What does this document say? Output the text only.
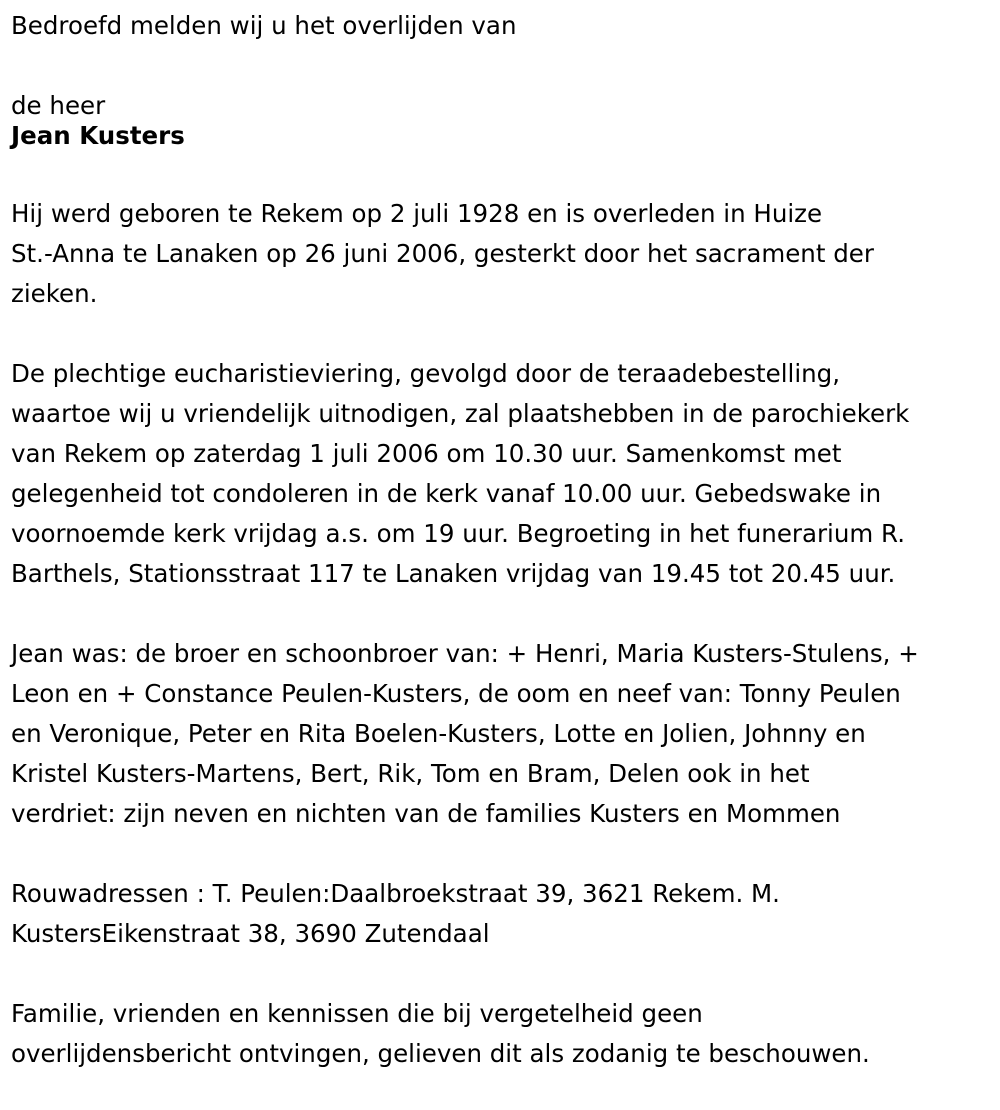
Bedroefd melden wij u het overlijden van
de heer
Jean Kusters
Hij werd geboren te Rekem op 2 juli 1928 en is overleden in Huize
St.-Anna te Lanaken op 26 juni 2006, gesterkt door het sacrament der
zieken.
De plechtige eucharistieviering, gevolgd door de teraadebestelling,
waartoe wij u vriendelijk uitnodigen, zal plaatshebben in de parochiekerk
van Rekem op zaterdag 1 juli 2006 om 10.30 uur. Samenkomst met
gelegenheid tot condoleren in de kerk vanaf 10.00 uur. Gebedswake in
voornoemde kerk vrijdag a.s. om 19 uur. Begroeting in het funerarium R.
Barthels, Stationsstraat 117 te Lanaken vrijdag van 19.45 tot 20.45 uur.
Jean was: de broer en schoonbroer van: + Henri, Maria Kusters-Stulens, +
Leon en + Constance Peulen-Kusters, de oom en neef van: Tonny Peulen
en Veronique, Peter en Rita Boelen-Kusters, Lotte en Jolien, Johnny en
Kristel Kusters-Martens, Bert, Rik, Tom en Bram, Delen ook in het
verdriet: zijn neven en nichten van de families Kusters en Mommen
Rouwadressen : T. Peulen:Daalbroekstraat 39, 3621 Rekem. M.
KustersEikenstraat 38, 3690 Zutendaal
Familie, vrienden en kennissen die bij vergetelheid geen
overlijdensbericht ontvingen, gelieven dit als zodanig te beschouwen.
